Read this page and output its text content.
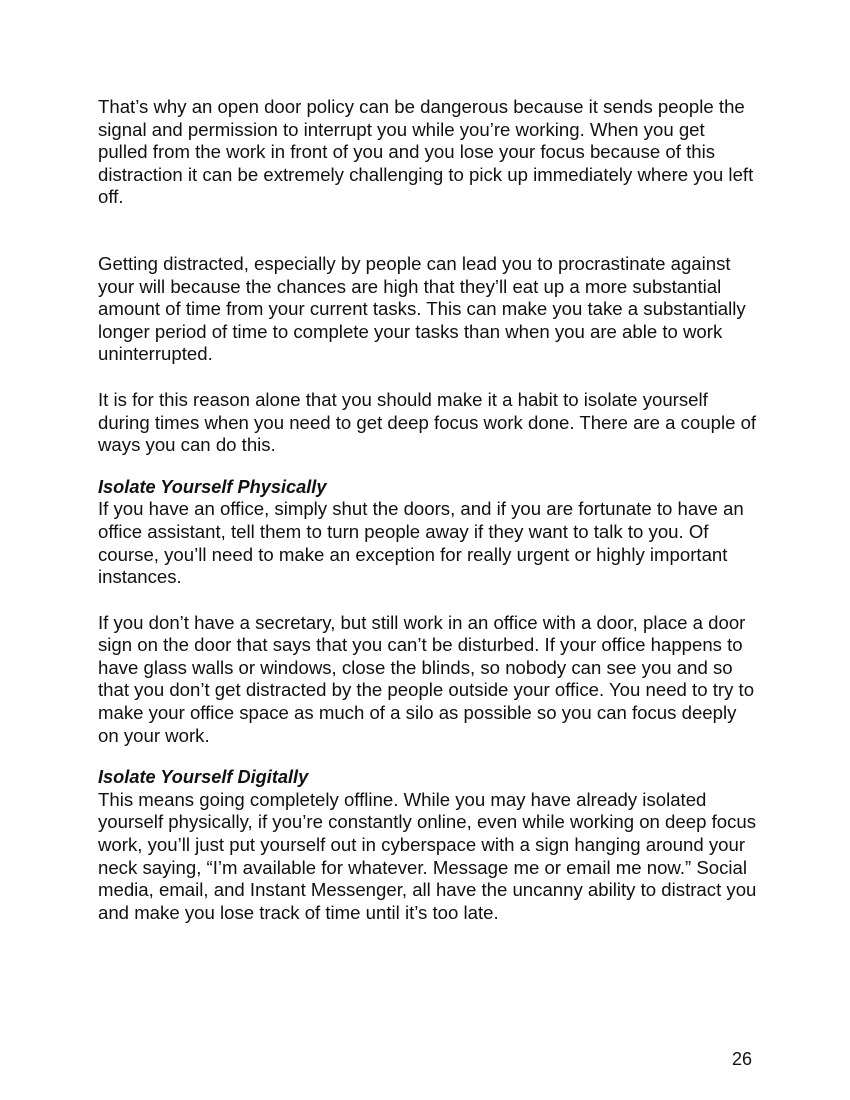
That’s why an open door policy can be dangerous because it sends people the signal and permission to interrupt you while you’re working. When you get pulled from the work in front of you and you lose your focus because of this distraction it can be extremely challenging to pick up immediately where you left off.

Getting distracted, especially by people can lead you to procrastinate against your will because the chances are high that they’ll eat up a more substantial amount of time from your current tasks. This can make you take a substantially longer period of time to complete your tasks than when you are able to work uninterrupted.

It is for this reason alone that you should make it a habit to isolate yourself during times when you need to get deep focus work done. There are a couple of ways you can do this.

Isolate Yourself Physically

If you have an office, simply shut the doors, and if you are fortunate to have an office assistant, tell them to turn people away if they want to talk to you. Of course, you’ll need to make an exception for really urgent or highly important instances.

If you don’t have a secretary, but still work in an office with a door, place a door sign on the door that says that you can’t be disturbed. If your office happens to have glass walls or windows, close the blinds, so nobody can see you and so that you don’t get distracted by the people outside your office. You need to try to make your office space as much of a silo as possible so you can focus deeply on your work.

Isolate Yourself Digitally

This means going completely offline. While you may have already isolated yourself physically, if you’re constantly online, even while working on deep focus work, you’ll just put yourself out in cyberspace with a sign hanging around your neck saying, “I’m available for whatever. Message me or email me now.” Social media, email, and Instant Messenger, all have the uncanny ability to distract you and make you lose track of time until it’s too late.

26
